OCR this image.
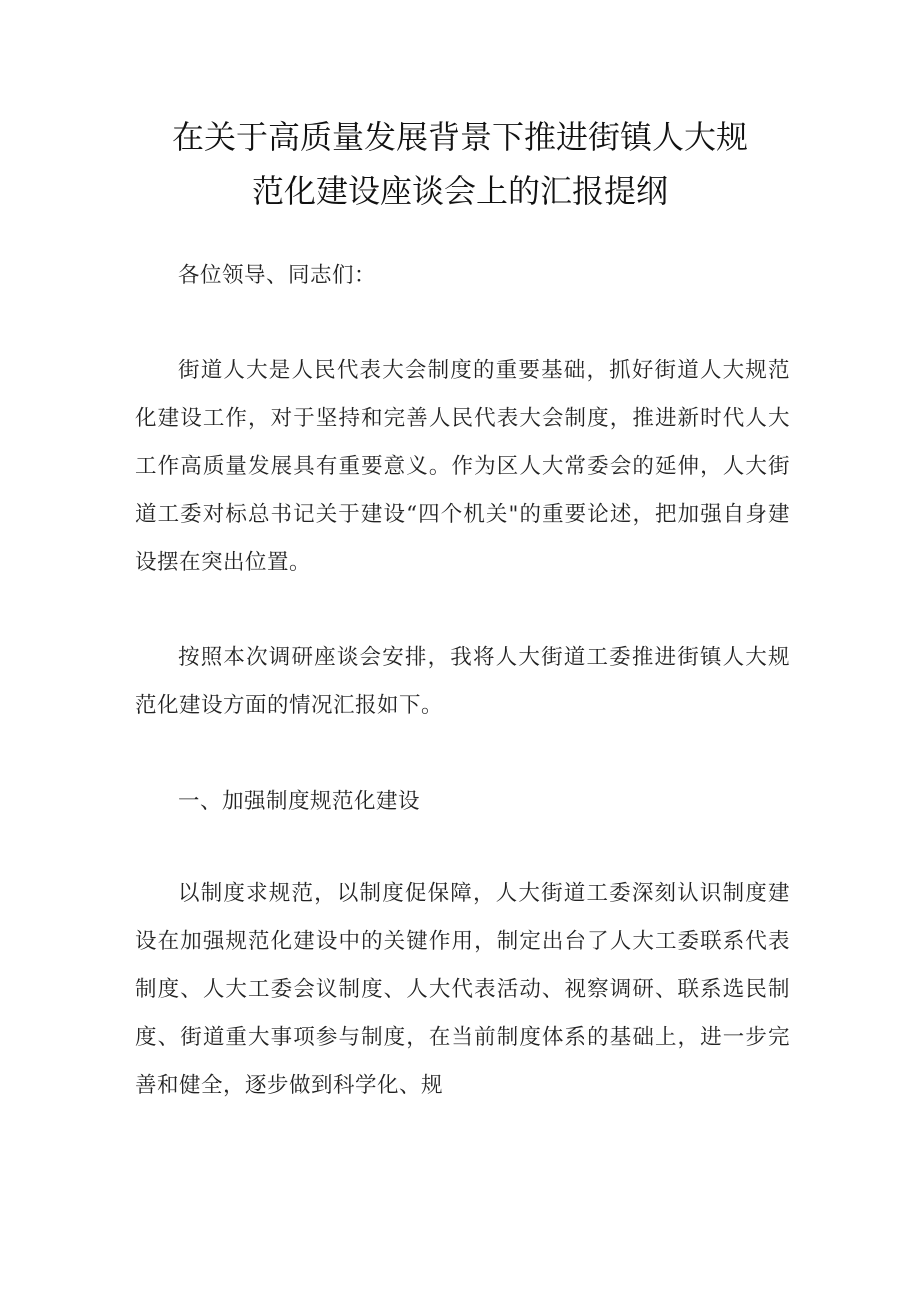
在关于高质量发展背景下推进街镇人大规
范化建设座谈会上的汇报提纲

各位领导、同志们：

街道人大是人民代表大会制度的重要基础，抓好街道人大规范化建设工作，对于坚持和完善人民代表大会制度，推进新时代人大工作高质量发展具有重要意义。作为区人大常委会的延伸，人大街道工委对标总书记关于建设“四个机关"的重要论述，把加强自身建设摆在突出位置。

按照本次调研座谈会安排，我将人大街道工委推进街镇人大规范化建设方面的情况汇报如下。

一、加强制度规范化建设

以制度求规范，以制度促保障，人大街道工委深刻认识制度建设在加强规范化建设中的关键作用，制定出台了人大工委联系代表制度、人大工委会议制度、人大代表活动、视察调研、联系选民制度、街道重大事项参与制度，在当前制度体系的基础上，进一步完善和健全，逐步做到科学化、规
